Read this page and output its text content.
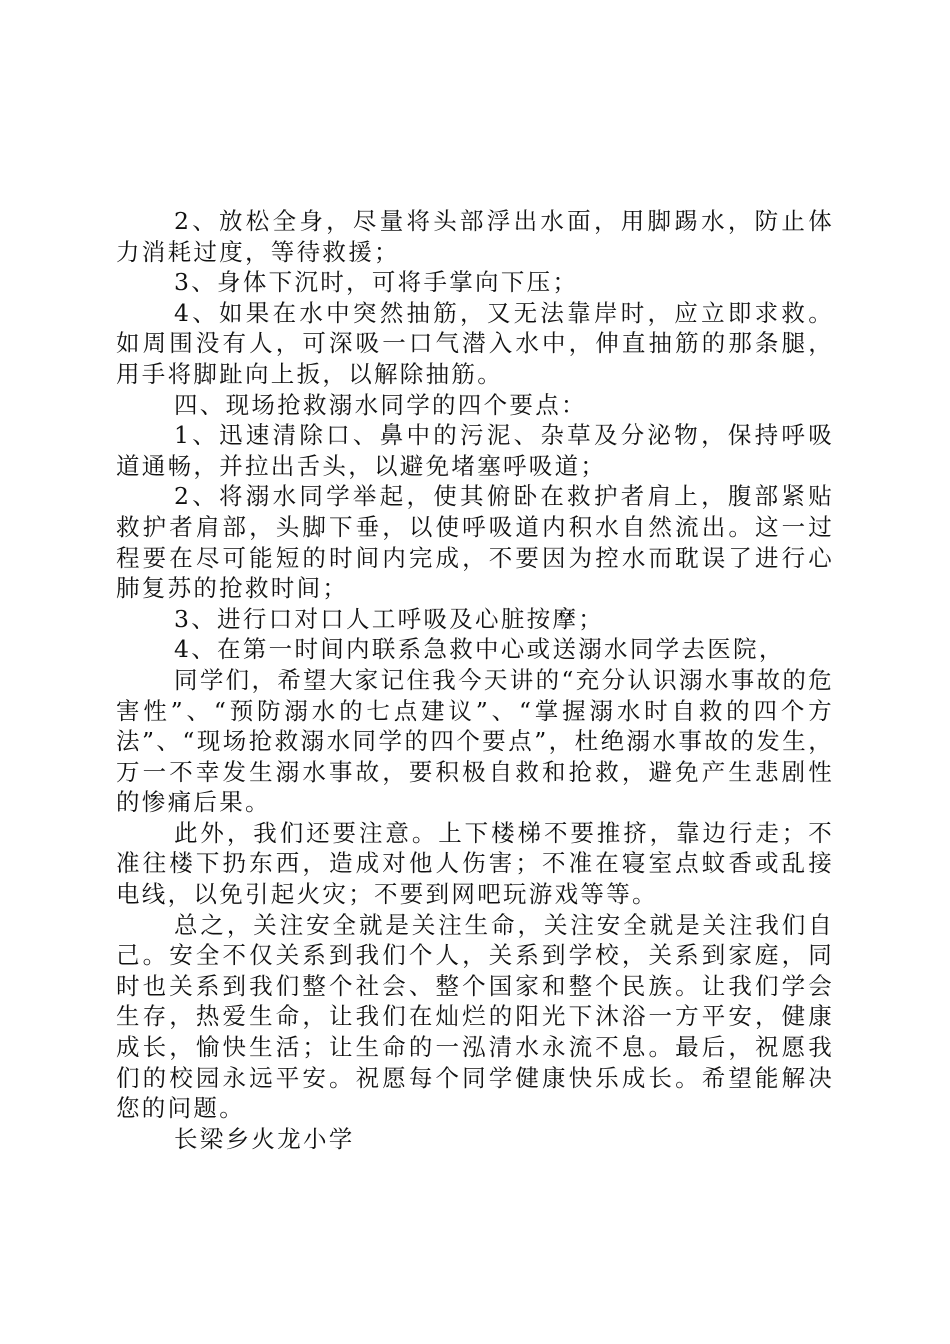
2、放松全身，尽量将头部浮出水面，用脚踢水，防止体力消耗过度，等待救援；

3、身体下沉时，可将手掌向下压；

4、如果在水中突然抽筋，又无法靠岸时，应立即求救。如周围没有人，可深吸一口气潜入水中，伸直抽筋的那条腿，用手将脚趾向上扳，以解除抽筋。

四、现场抢救溺水同学的四个要点：

1、迅速清除口、鼻中的污泥、杂草及分泌物，保持呼吸道通畅，并拉出舌头，以避免堵塞呼吸道；

2、将溺水同学举起，使其俯卧在救护者肩上，腹部紧贴救护者肩部，头脚下垂，以使呼吸道内积水自然流出。这一过程要在尽可能短的时间内完成，不要因为控水而耽误了进行心肺复苏的抢救时间；

3、进行口对口人工呼吸及心脏按摩；

4、在第一时间内联系急救中心或送溺水同学去医院，

同学们，希望大家记住我今天讲的“充分认识溺水事故的危害性”、“预防溺水的七点建议”、“掌握溺水时自救的四个方法”、“现场抢救溺水同学的四个要点”，杜绝溺水事故的发生，万一不幸发生溺水事故，要积极自救和抢救，避免产生悲剧性的惨痛后果。

此外，我们还要注意。上下楼梯不要推挤，靠边行走；不准往楼下扔东西，造成对他人伤害；不准在寝室点蚊香或乱接电线，以免引起火灾；不要到网吧玩游戏等等。

总之，关注安全就是关注生命，关注安全就是关注我们自己。安全不仅关系到我们个人，关系到学校，关系到家庭，同时也关系到我们整个社会、整个国家和整个民族。让我们学会生存，热爱生命，让我们在灿烂的阳光下沐浴一方平安，健康成长，愉快生活；让生命的一泓清水永流不息。最后，祝愿我们的校园永远平安。祝愿每个同学健康快乐成长。希望能解决您的问题。

长梁乡火龙小学
